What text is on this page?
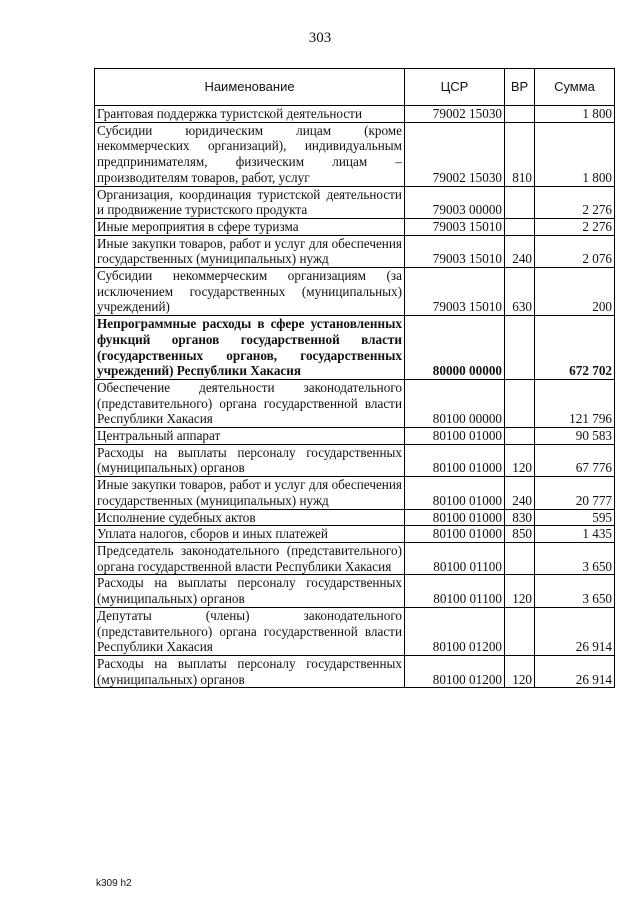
303
Наименование	ЦСР	ВР	Сумма
Грантовая поддержка туристской деятельности	79002 15030		1 800
Субсидии юридическим лицам (кроме некоммерческих организаций), индивидуальным предпринимателям, физическим лицам – производителям товаров, работ, услуг	79002 15030	810	1 800
Организация, координация туристской деятельности и продвижение туристского продукта	79003 00000		2 276
Иные мероприятия в сфере туризма	79003 15010		2 276
Иные закупки товаров, работ и услуг для обеспечения государственных (муниципальных) нужд	79003 15010	240	2 076
Субсидии некоммерческим организациям (за исключением государственных (муниципальных) учреждений)	79003 15010	630	200
Непрограммные расходы в сфере установленных функций органов государственной власти (государственных органов, государственных учреждений) Республики Хакасия	80000 00000		672 702
Обеспечение деятельности законодательного (представительного) органа государственной власти Республики Хакасия	80100 00000		121 796
Центральный аппарат	80100 01000		90 583
Расходы на выплаты персоналу государственных (муниципальных) органов	80100 01000	120	67 776
Иные закупки товаров, работ и услуг для обеспечения государственных (муниципальных) нужд	80100 01000	240	20 777
Исполнение судебных актов	80100 01000	830	595
Уплата налогов, сборов и иных платежей	80100 01000	850	1 435
Председатель законодательного (представительного) органа государственной власти Республики Хакасия	80100 01100		3 650
Расходы на выплаты персоналу государственных (муниципальных) органов	80100 01100	120	3 650
Депутаты (члены) законодательного (представительного) органа государственной власти Республики Хакасия	80100 01200		26 914
Расходы на выплаты персоналу государственных (муниципальных) органов	80100 01200	120	26 914
k309 h2
